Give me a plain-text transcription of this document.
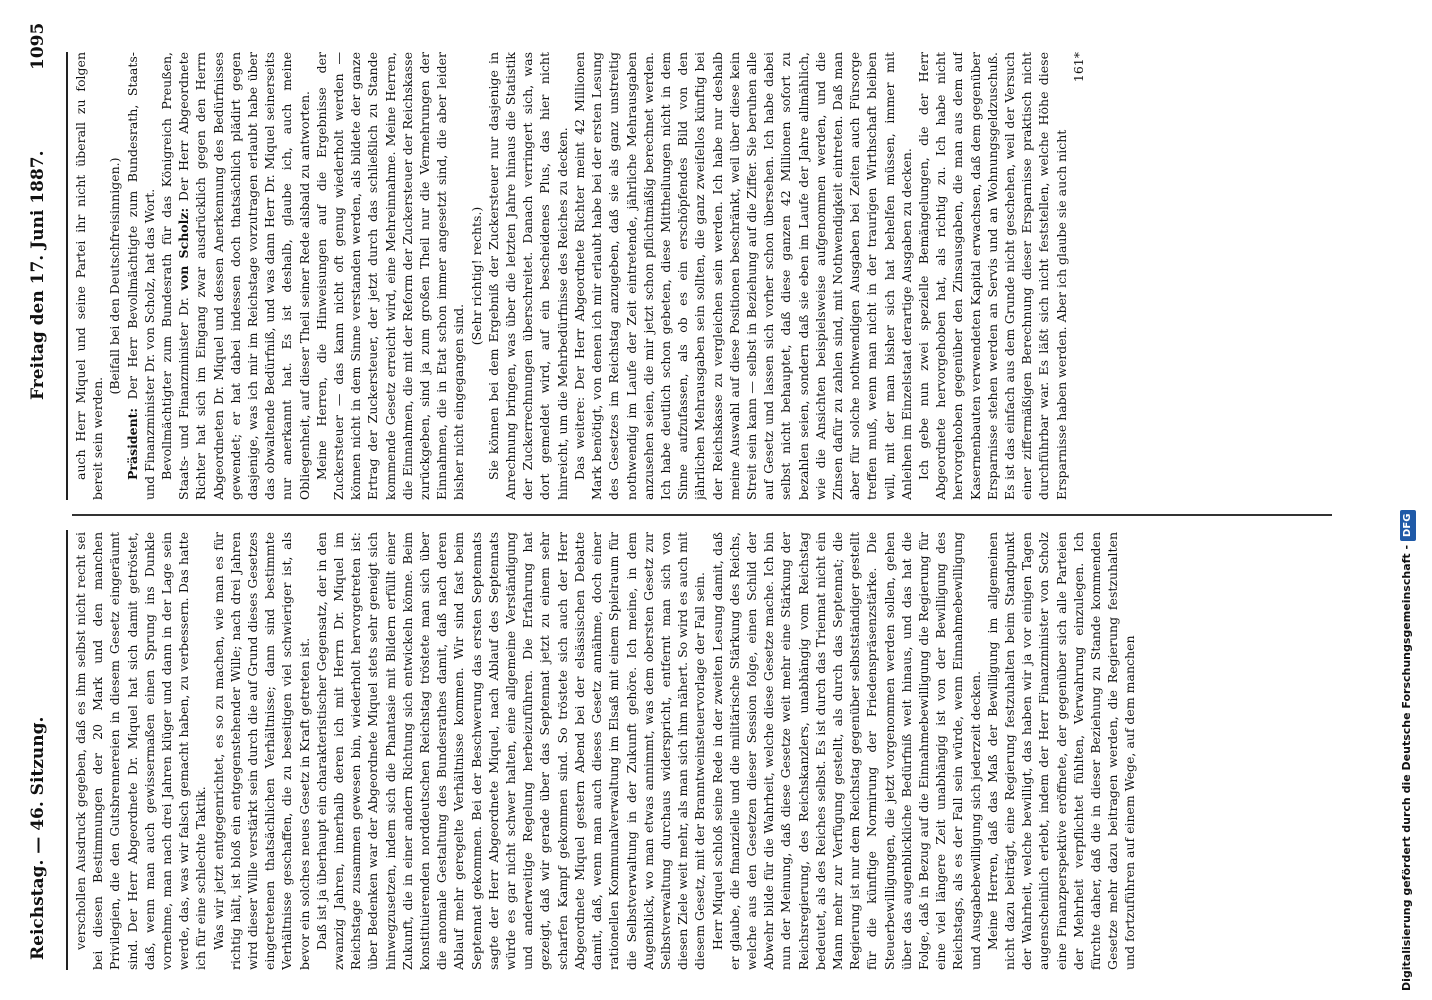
Reichstag. — 46. Sitzung.
Freitag den 17. Juni 1887.
1095

verschollen Ausdruck gegeben, daß es ihm selbst nicht recht sei bei diesen Bestimmungen der 20 Mark und den manchen Privilegien, die den Gutsbrennereien in diesem Gesetz eingeräumt sind. Der Herr Abgeordnete Dr. Miquel hat sich damit getröstet, daß, wenn man auch gewissermaßen einen Sprung ins Dunkle vornehme, man nach drei Jahren klüger und dann in der Lage sein werde, das, was wir falsch gemacht haben, zu verbessern. Das hatte ich für eine schlechte Taktik. Was wir jetzt entgegenrichtet, es so zu machen, wie man es für richtig hält, ist bloß ein entgegenstehender Wille; nach drei Jahren wird dieser Wille verstärkt sein durch die auf Grund dieses Gesetzes eingetretenen thatsächlichen Verhältnisse; dann sind bestimmte Verhältnisse geschaffen, die zu beseitigen viel schwieriger ist, als bevor ein solches neues Gesetz in Kraft getreten ist. Daß ist ja überhaupt ein charakteristischer Gegensatz, der in den zwanzig Jahren, innerhalb deren ich mit Herrn Dr. Miquel im Reichstage zusammen gewesen bin, wiederholt hervorgetreten ist: über Bedenken war der Abgeordnete Miquel stets sehr geneigt sich hinwegzusetzen, indem sich die Phantasie mit Bildern erfüllt einer Zukunft, die in einer andern Richtung sich entwickeln könne. Beim konstituierenden norddeutschen Reichstag tröstete man sich über die anomale Gestaltung des Bundesrathes damit, daß nach deren Ablauf mehr geregelte Verhältnisse kommen. Wir sind fast beim Septennat gekommen. Bei der Beschwerung das ersten Septennats sagte der Herr Abgeordnete Miquel, nach Ablauf des Septennats würde es gar nicht schwer halten, eine allgemeine Verständigung und anderweitige Regelung herbeizuführen. Die Erfahrung hat gezeigt, daß wir gerade über das Septennat jetzt zu einem sehr scharfen Kampf gekommen sind. So tröstete sich auch der Herr Abgeordnete Miquel gestern Abend bei der elsässischen Debatte damit, daß, wenn man auch dieses Gesetz annähme, doch einer rationellen Kommunalverwaltung im Elsaß mit einem Spielraum für die Selbstverwaltung in der Zukunft gehöre. Ich meine, in dem Augenblick, wo man etwas annimmt, was dem obersten Gesetz zur Selbstverwaltung durchaus widerspricht, entfernt man sich von diesen Ziele weit mehr, als man sich ihm nähert. So wird es auch mit diesem Gesetz, mit der Branntweinsteuervorlage der Fall sein. Herr Miquel schloß seine Rede in der zweiten Lesung damit, daß er glaube, die finanzielle und die militärische Stärkung des Reichs, welche aus den Gesetzen dieser Session folge, einen Schild der Abwehr bilde für die Wahrheit, welche diese Gesetze mache. Ich bin nun der Meinung, daß diese Gesetze weit mehr eine Stärkung der Reichsregierung, des Reichskanzlers, unabhängig vom Reichstag bedeutet, als des Reiches selbst. Es ist durch das Triennat nicht ein Mann mehr zur Verfügung gestellt, als durch das Septennat; die Regierung ist nur dem Reichstag gegenüber selbstständiger gestellt für die künftige Normirung der Friedenspräsenzstärke. Die Steuerbewilligungen, die jetzt vorgenommen werden sollen, gehen über das augenblickliche Bedürfniß weit hinaus, und das hat die Folge, daß in Bezug auf die Einnahmebewilligung die Regierung für eine viel längere Zeit unabhängig ist von der Bewilligung des Reichstags, als es der Fall sein würde, wenn Einnahmebewilligung und Ausgabebewilligung sich jederzeit decken. Meine Herren, daß das Maß der Bewilligung im allgemeinen nicht dazu beiträgt, eine Regierung festzuhalten beim Standpunkt der Wahrheit, welche bewilligt, das haben wir ja vor einigen Tagen augenscheinlich erlebt, indem der Herr Finanzminister von Scholz eine Finanzperspektive eröffnete, der gegenüber sich alle Parteien der Mehrheit verpflichtet fühlten, Verwahrung einzulegen. Ich fürchte daher, daß die in dieser Beziehung zu Stande kommenden Gesetze mehr dazu beitragen werden, die Regierung festzuhalten und fortzuführen auf einem Wege, auf dem manchen

auch Herr Miquel und seine Partei ihr nicht überall zu folgen bereit sein werden.

(Beifall bei den Deutschfreisinnigen.)

Präsident: Der Herr Bevollmächtigte zum Bundesrath, Staats- und Finanzminister Dr. von Scholz, hat das Wort. Bevollmächtigter zum Bundesrath für das Königreich Preußen, Staats- und Finanzminister Dr. von Scholz: Der Herr Abgeordnete Richter hat sich im Eingang zwar ausdrücklich gegen den Herrn Abgeordneten Dr. Miquel und dessen Anerkennung des Bedürfnisses gewendet; er hat dabei indessen doch thatsächlich plädirt gegen dasjenige, was ich mir im Reichstage vorzutragen erlaubt habe über das obwaltende Bedürfniß, und was dann Herr Dr. Miquel seinerseits nur anerkannt hat. Es ist deshalb, glaube ich, auch meine Obliegenheit, auf dieser Theil seiner Rede alsbald zu antworten. Meine Herren, die Hinweisungen auf die Ergebnisse der Zuckersteuer — das kann nicht oft genug wiederholt werden — können nicht in dem Sinne verstanden werden, als bildete der ganze Ertrag der Zuckersteuer, der jetzt durch das schließlich zu Stande kommende Gesetz erreicht wird, eine Mehreinnahme. Meine Herren, die Einnahmen, die mit der Reform der Zuckersteuer der Reichskasse zurückgeben, sind ja zum großen Theil nur die Vermehrungen der Einnahmen, die in Etat schon immer angesetzt sind, die aber leider bisher nicht eingegangen sind.

(Sehr richtig! rechts.) Sie können bei dem Ergebniß der Zuckersteuer nur dasjenige in Anrechnung bringen, was über die letzten Jahre hinaus die Statistik der Zuckerrechnungen überschreitet. Danach verringert sich, was dort gemeldet wird, auf ein bescheidenes Plus, das hier nicht hinreicht, um die Mehrbedürfnisse des Reiches zu decken. Das weitere: Der Herr Abgeordnete Richter meint 42 Millionen Mark benötigt, von denen ich mir erlaubt habe bei der ersten Lesung des Gesetzes im Reichstag anzugeben, daß sie als ganz unstreitig nothwendig im Laufe der Zeit eintretende, jährliche Mehrausgaben anzusehen seien, die mir jetzt schon pflichtmäßig berechnet werden. Ich habe deutlich schon gebeten, diese Mittheilungen nicht in dem Sinne aufzufassen, als ob es ein erschöpfendes Bild von den jährlichen Mehrausgaben sein sollten, die ganz zweifellos künftig bei der Reichskasse zu vergleichen sein werden. Ich habe nur deshalb meine Auswahl auf diese Positionen beschränkt, weil über diese kein Streit sein kann — selbst in Beziehung auf die Ziffer. Sie beruhen alle auf Gesetz und lassen sich vorher schon übersehen. Ich habe dabei selbst nicht behauptet, daß diese ganzen 42 Millionen sofort zu bezahlen seien, sondern daß sie eben im Laufe der Jahre allmählich, wie die Ansichten beispielsweise aufgenommen werden, und die Zinsen dafür zu zahlen sind, mit Nothwendigkeit eintreten. Daß man aber für solche nothwendigen Ausgaben bei Zeiten auch Fürsorge treffen muß, wenn man nicht in der traurigen Wirthschaft bleiben will, mit der man bisher sich hat behelfen müssen, immer mit Anleihen im Einzelstaat derartige Ausgaben zu decken. Ich gebe nun zwei spezielle Bemängelungen, die der Herr Abgeordnete hervorgehoben hat, als richtig zu. Ich habe nicht hervorgehoben gegenüber den Zinsausgaben, die man aus dem auf Kasernenbauten verwendeten Kapital erwachsen, daß dem gegenüber Ersparnisse stehen werden an Servis und an Wohnungsgeldzuschuß. Es ist das einfach aus dem Grunde nicht geschehen, weil der Versuch einer ziffermäßigen Berechnung dieser Ersparnisse praktisch nicht durchführbar war. Es läßt sich nicht feststellen, welche Höhe diese Ersparnisse haben werden. Aber ich glaube sie auch nicht

161*

Digitalisierung gefördert durch die Deutsche Forschungsgemeinschaft -DFG
